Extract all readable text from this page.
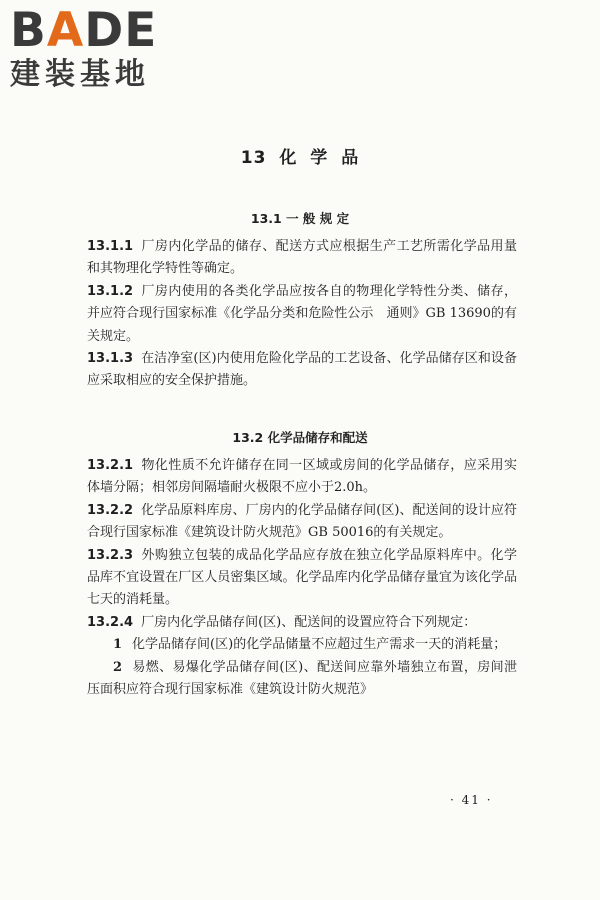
BADE
建装基地
13 化 学 品
13.1 一 般 规 定

13.1.1 厂房内化学品的储存、配送方式应根据生产工艺所需化学品用量和其物理化学特性等确定。

13.1.2 厂房内使用的各类化学品应按各自的物理化学特性分类、储存，并应符合现行国家标准《化学品分类和危险性公示　通则》GB 13690的有关规定。

13.1.3 在洁净室(区)内使用危险化学品的工艺设备、化学品储存区和设备应采取相应的安全保护措施。

13.2 化学品储存和配送

13.2.1 物化性质不允许储存在同一区域或房间的化学品储存，应采用实体墙分隔；相邻房间隔墙耐火极限不应小于2.0h。

13.2.2 化学品原料库房、厂房内的化学品储存间(区)、配送间的设计应符合现行国家标准《建筑设计防火规范》GB 50016的有关规定。

13.2.3 外购独立包装的成品化学品应存放在独立化学品原料库中。化学品库不宜设置在厂区人员密集区域。化学品库内化学品储存量宜为该化学品七天的消耗量。

13.2.4 厂房内化学品储存间(区)、配送间的设置应符合下列规定：

1 化学品储存间(区)的化学品储量不应超过生产需求一天的消耗量；

2 易燃、易爆化学品储存间(区)、配送间应靠外墙独立布置，房间泄压面积应符合现行国家标准《建筑设计防火规范》

· 41 ·
